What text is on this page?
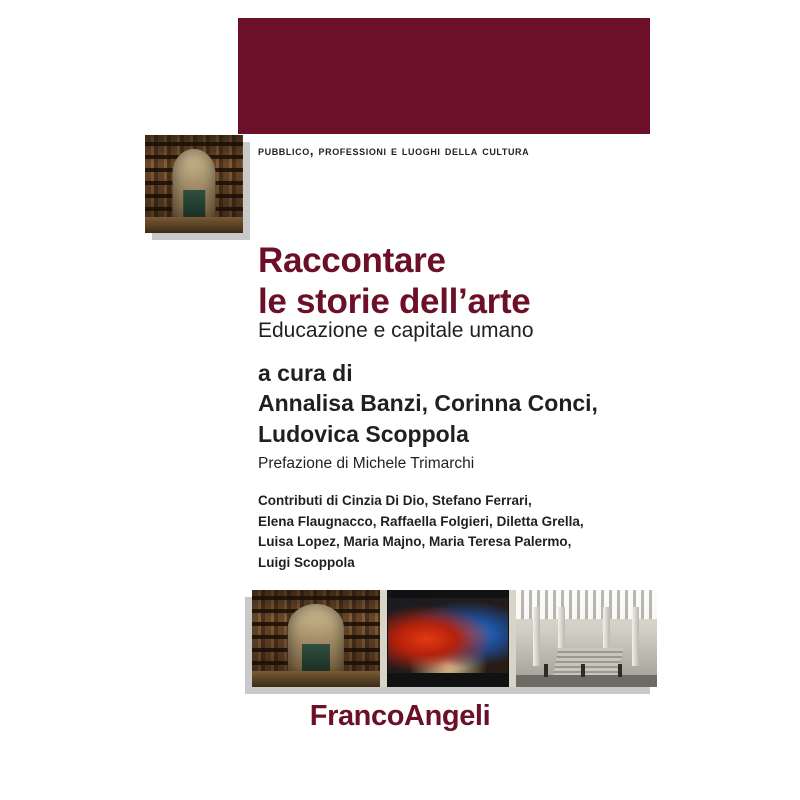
pubblico, professioni e luoghi della cultura
Raccontare
le storie dell’arte
Educazione e capitale umano
a cura di
Annalisa Banzi, Corinna Conci,
Ludovica Scoppola
Prefazione di Michele Trimarchi
Contributi di Cinzia Di Dio, Stefano Ferrari,
Elena Flaugnacco, Raffaella Folgieri, Diletta Grella,
Luisa Lopez, Maria Majno, Maria Teresa Palermo,
Luigi Scoppola
FrancoAngeli
